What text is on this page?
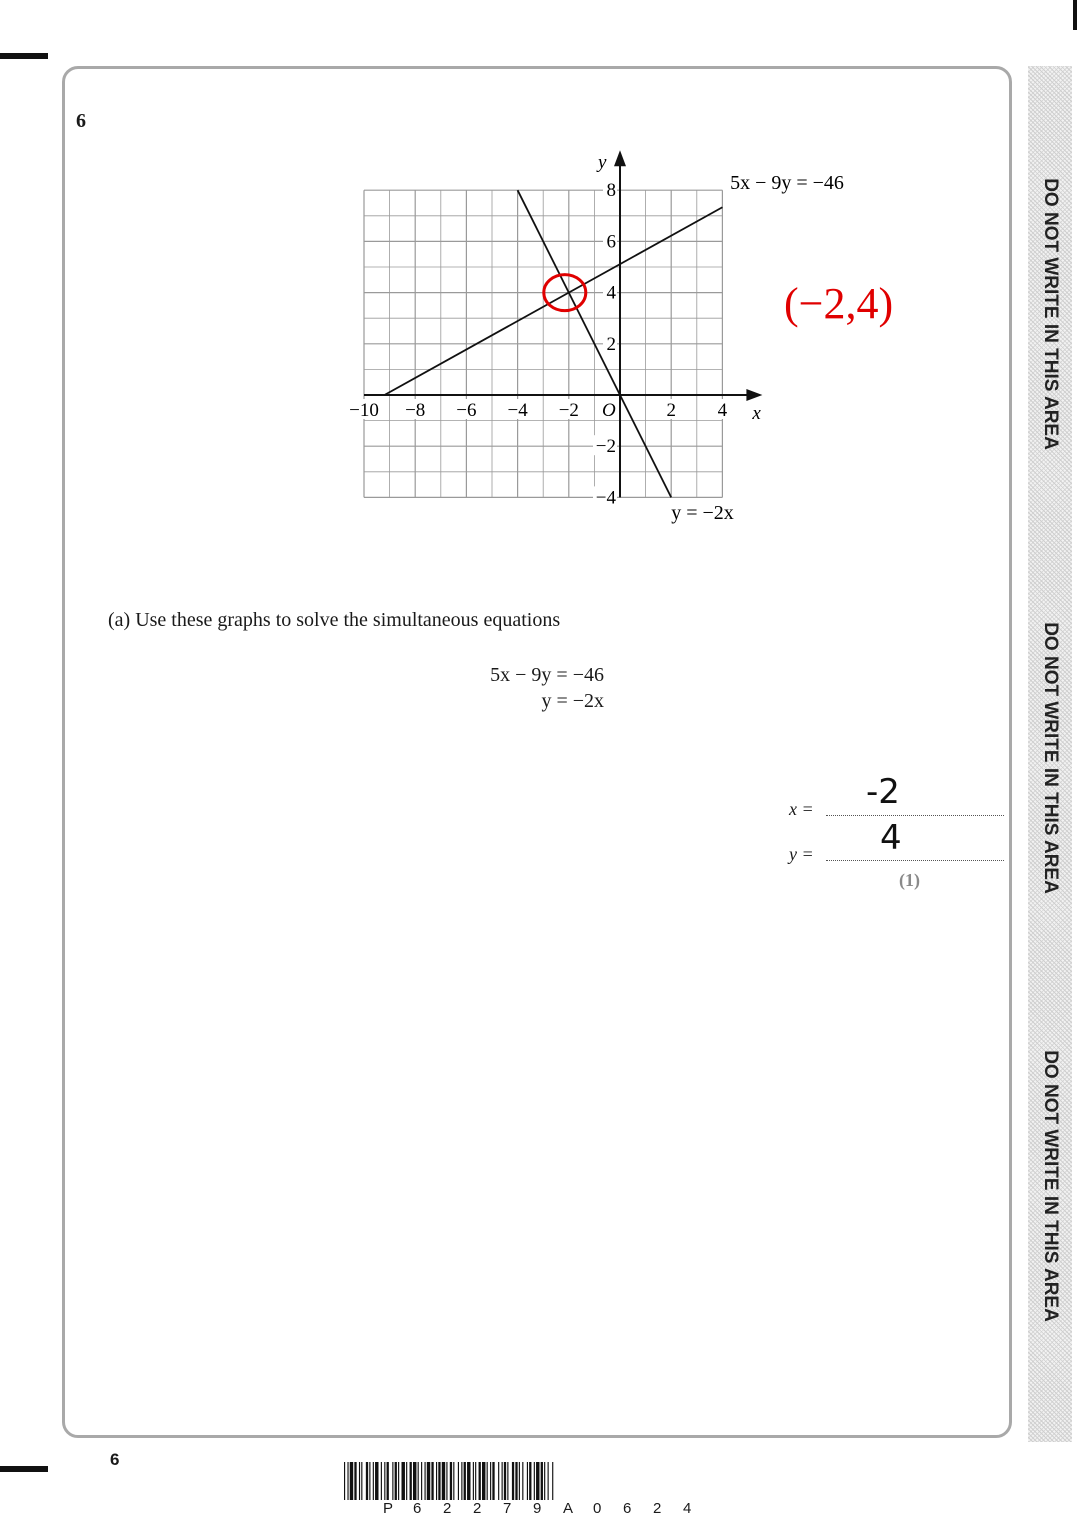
DO NOT WRITE IN THIS AREA
DO NOT WRITE IN THIS AREA
DO NOT WRITE IN THIS AREA
6
x
y
O
−10 −8 −6 −4 −2	2 4
8
6
4
2
−2
−4
5x − 9y = −46
y = −2x
(−2,4)
(a) Use these graphs to solve the simultaneous equations
5x − 9y = −46
y = −2x
x = -2
y = 4
(1)
6
P 6 2 2 7 9 A 0 6 2 4
